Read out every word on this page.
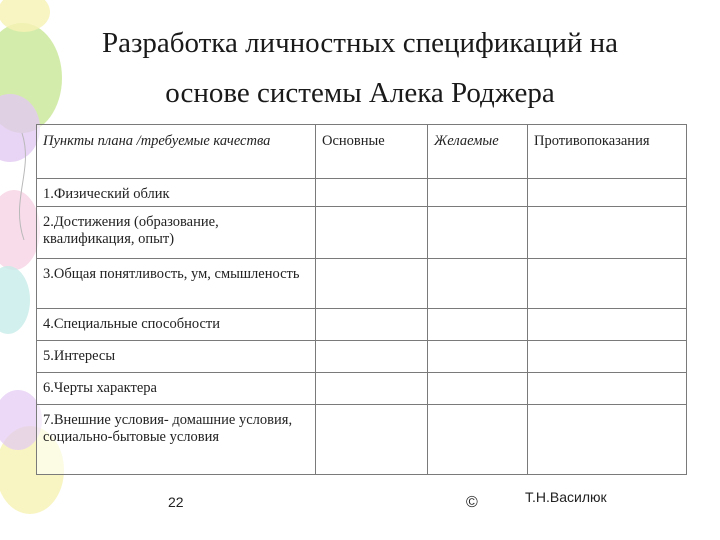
Разработка личностных спецификаций на
основе системы Алека Роджера
Пункты плана /требуемые качества	Основные	Желаемые	Противопоказания
1.Физический облик			
2.Достижения (образование, квалификация, опыт)			
3.Общая понятливость, ум, смышленость			
4.Специальные способности			
5.Интересы			
6.Черты характера			
7.Внешние условия- домашние условия, социально-бытовые условия			
22	©	Т.Н.Василюк
